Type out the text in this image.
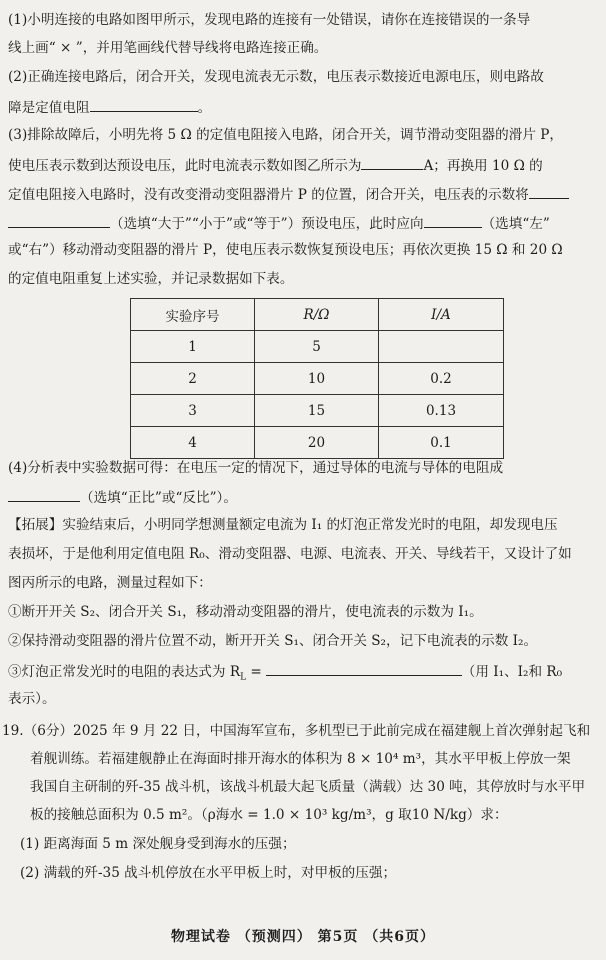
(1)小明连接的电路如图甲所示，发现电路的连接有一处错误，请你在连接错误的一条导
线上画“ × ”，并用笔画线代替导线将电路连接正确。
(2)正确连接电路后，闭合开关，发现电流表无示数，电压表示数接近电源电压，则电路故
障是定值电阻	。
(3)排除故障后，小明先将 5 Ω 的定值电阻接入电路，闭合开关，调节滑动变阻器的滑片 P，
使电压表示数到达预设电压，此时电流表示数如图乙所示为	A；再换用 10 Ω 的
定值电阻接入电路时，没有改变滑动变阻器滑片 P 的位置，闭合开关，电压表的示数将
（选填“大于”“小于”或“等于”）预设电压，此时应向	（选填“左”
或“右”）移动滑动变阻器的滑片 P，使电压表示数恢复预设电压；再依次更换 15 Ω 和 20 Ω
的定值电阻重复上述实验，并记录数据如下表。
实验序号	R/Ω	I/A
1	5	
2	10	0.2
3	15	0.13
4	20	0.1
(4)分析表中实验数据可得：在电压一定的情况下，通过导体的电流与导体的电阻成
（选填“正比”或“反比”）。
【拓展】实验结束后，小明同学想测量额定电流为 I₁ 的灯泡正常发光时的电阻，却发现电压
表损坏，于是他利用定值电阻 R₀、滑动变阻器、电源、电流表、开关、导线若干，又设计了如
图丙所示的电路，测量过程如下：
①断开开关 S₂、闭合开关 S₁，移动滑动变阻器的滑片，使电流表的示数为 I₁。
②保持滑动变阻器的滑片位置不动，断开开关 S₁、闭合开关 S₂，记下电流表的示数 I₂。
③灯泡正常发光时的电阻的表达式为 $R_L$ =	（用 I₁、I₂和 R₀
表示）。
19.（6分）2025 年 9 月 22 日，中国海军宣布，多机型已于此前完成在福建舰上首次弹射起飞和
着舰训练。若福建舰静止在海面时排开海水的体积为 8 × 10⁴ m³，其水平甲板上停放一架
我国自主研制的歼-35 战斗机，该战斗机最大起飞质量（满载）达 30 吨，其停放时与水平甲
板的接触总面积为 0.5 m²。（ρ海水 = 1.0 × 10³ kg/m³，g 取10 N/kg）求：
(1) 距离海面 5 m 深处舰身受到海水的压强；
(2) 满载的歼-35 战斗机停放在水平甲板上时，对甲板的压强；
物理试卷 （预测四） 第5页 （共6页）
